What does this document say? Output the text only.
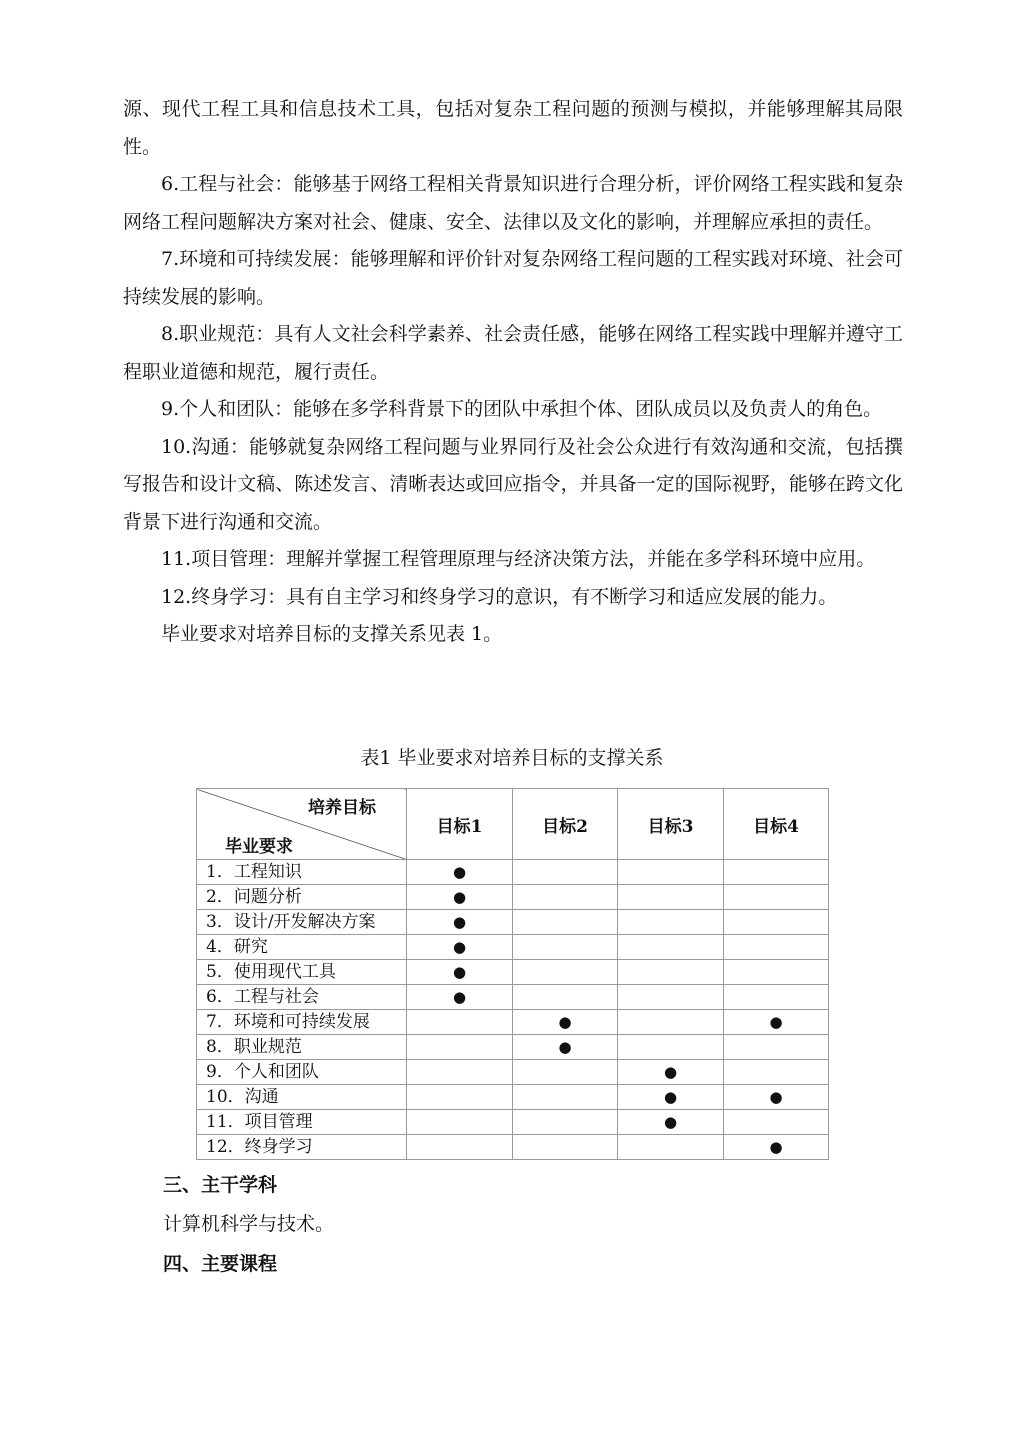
源、现代工程工具和信息技术工具，包括对复杂工程问题的预测与模拟，并能够理解其局限性。

6.工程与社会：能够基于网络工程相关背景知识进行合理分析，评价网络工程实践和复杂网络工程问题解决方案对社会、健康、安全、法律以及文化的影响，并理解应承担的责任。

7.环境和可持续发展：能够理解和评价针对复杂网络工程问题的工程实践对环境、社会可持续发展的影响。

8.职业规范：具有人文社会科学素养、社会责任感，能够在网络工程实践中理解并遵守工程职业道德和规范，履行责任。

9.个人和团队：能够在多学科背景下的团队中承担个体、团队成员以及负责人的角色。

10.沟通：能够就复杂网络工程问题与业界同行及社会公众进行有效沟通和交流，包括撰写报告和设计文稿、陈述发言、清晰表达或回应指令，并具备一定的国际视野，能够在跨文化背景下进行沟通和交流。

11.项目管理：理解并掌握工程管理原理与经济决策方法，并能在多学科环境中应用。

12.终身学习：具有自主学习和终身学习的意识，有不断学习和适应发展的能力。

毕业要求对培养目标的支撑关系见表 1。

表1 毕业要求对培养目标的支撑关系
培养目标
毕业要求	目标1	目标2	目标3	目标4
1．工程知识	●			
2．问题分析	●			
3．设计/开发解决方案	●			
4．研究	●			
5．使用现代工具	●			
6．工程与社会	●			
7．环境和可持续发展		●		●
8．职业规范		●		
9．个人和团队			●	
10．沟通			●	●
11．项目管理			●	
12．终身学习				●
三、主干学科
计算机科学与技术。
四、主要课程
